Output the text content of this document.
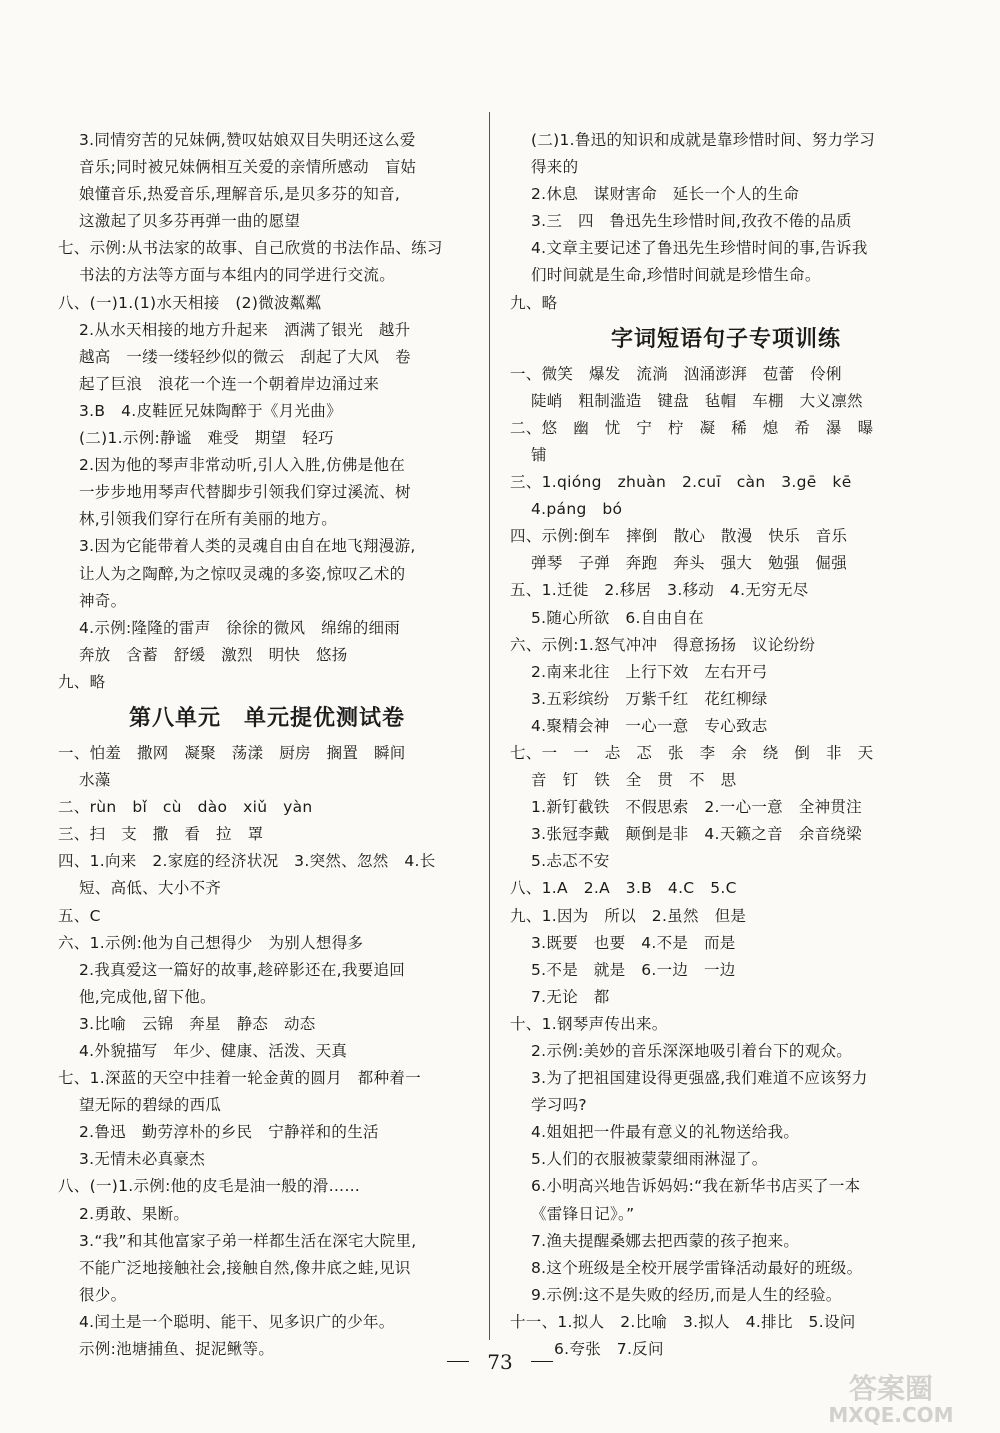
3.同情穷苦的兄妹俩,赞叹姑娘双目失明还这么爱
音乐;同时被兄妹俩相互关爱的亲情所感动　盲姑
娘懂音乐,热爱音乐,理解音乐,是贝多芬的知音,
这激起了贝多芬再弹一曲的愿望
七、示例:从书法家的故事、自己欣赏的书法作品、练习
书法的方法等方面与本组内的同学进行交流。
八、(一)1.(1)水天相接　(2)微波粼粼
2.从水天相接的地方升起来　洒满了银光　越升
越高　一缕一缕轻纱似的微云　刮起了大风　卷
起了巨浪　浪花一个连一个朝着岸边涌过来
3.B　4.皮鞋匠兄妹陶醉于《月光曲》
(二)1.示例:静谧　难受　期望　轻巧
2.因为他的琴声非常动听,引人入胜,仿佛是他在
一步步地用琴声代替脚步引领我们穿过溪流、树
林,引领我们穿行在所有美丽的地方。
3.因为它能带着人类的灵魂自由自在地飞翔漫游,
让人为之陶醉,为之惊叹灵魂的多姿,惊叹乙术的
神奇。
4.示例:隆隆的雷声　徐徐的微风　绵绵的细雨
奔放　含蓄　舒缓　激烈　明快　悠扬
九、略
第八单元　单元提优测试卷
一、怕羞　撒网　凝聚　荡漾　厨房　搁置　瞬间
水藻
二、rùn　bǐ　cù　dào　xiǔ　yàn
三、扫　支　撒　看　拉　罩
四、1.向来　2.家庭的经济状况　3.突然、忽然　4.长
短、高低、大小不齐
五、C
六、1.示例:他为自己想得少　为别人想得多
2.我真爱这一篇好的故事,趁碎影还在,我要追回
他,完成他,留下他。
3.比喻　云锦　奔星　静态　动态
4.外貌描写　年少、健康、活泼、天真
七、1.深蓝的天空中挂着一轮金黄的圆月　都种着一
望无际的碧绿的西瓜
2.鲁迅　勤劳淳朴的乡民　宁静祥和的生活
3.无情未必真豪杰
八、(一)1.示例:他的皮毛是油一般的滑……
2.勇敢、果断。
3.“我”和其他富家子弟一样都生活在深宅大院里,
不能广泛地接触社会,接触自然,像井底之蛙,见识
很少。
4.闰土是一个聪明、能干、见多识广的少年。
示例:池塘捕鱼、捉泥鳅等。
(二)1.鲁迅的知识和成就是靠珍惜时间、努力学习
得来的
2.休息　谋财害命　延长一个人的生命
3.三　四　鲁迅先生珍惜时间,孜孜不倦的品质
4.文章主要记述了鲁迅先生珍惜时间的事,告诉我
们时间就是生命,珍惜时间就是珍惜生命。
九、略
字词短语句子专项训练
一、微笑　爆发　流淌　汹涌澎湃　苞蕾　伶俐
陡峭　粗制滥造　键盘　毡帽　车棚　大义凛然
二、悠　幽　忧　宁　柠　凝　稀　熄　希　瀑　曝
铺
三、1.qióng　zhuàn　2.cuī　càn　3.gē　kē
4.páng　bó
四、示例:倒车　摔倒　散心　散漫　快乐　音乐
弹琴　子弹　奔跑　奔头　强大　勉强　倔强
五、1.迁徙　2.移居　3.移动　4.无穷无尽
5.随心所欲　6.自由自在
六、示例:1.怒气冲冲　得意扬扬　议论纷纷
2.南来北往　上行下效　左右开弓
3.五彩缤纷　万紫千红　花红柳绿
4.聚精会神　一心一意　专心致志
七、一　一　忐　忑　张　李　余　绕　倒　非　天
音　钉　铁　全　贯　不　思
1.新钉截铁　不假思索　2.一心一意　全神贯注
3.张冠李戴　颠倒是非　4.天籁之音　余音绕梁
5.忐忑不安
八、1.A　2.A　3.B　4.C　5.C
九、1.因为　所以　2.虽然　但是
3.既要　也要　4.不是　而是
5.不是　就是　6.一边　一边
7.无论　都
十、1.钢琴声传出来。
2.示例:美妙的音乐深深地吸引着台下的观众。
3.为了把祖国建设得更强盛,我们难道不应该努力
学习吗?
4.姐姐把一件最有意义的礼物送给我。
5.人们的衣服被蒙蒙细雨淋湿了。
6.小明高兴地告诉妈妈:“我在新华书店买了一本
《雷锋日记》。”
7.渔夫提醒桑娜去把西蒙的孩子抱来。
8.这个班级是全校开展学雷锋活动最好的班级。
9.示例:这不是失败的经历,而是人生的经验。
十一、1.拟人　2.比喻　3.拟人　4.排比　5.设问
6.夸张　7.反问
73
答案圈
MXQE.COM
